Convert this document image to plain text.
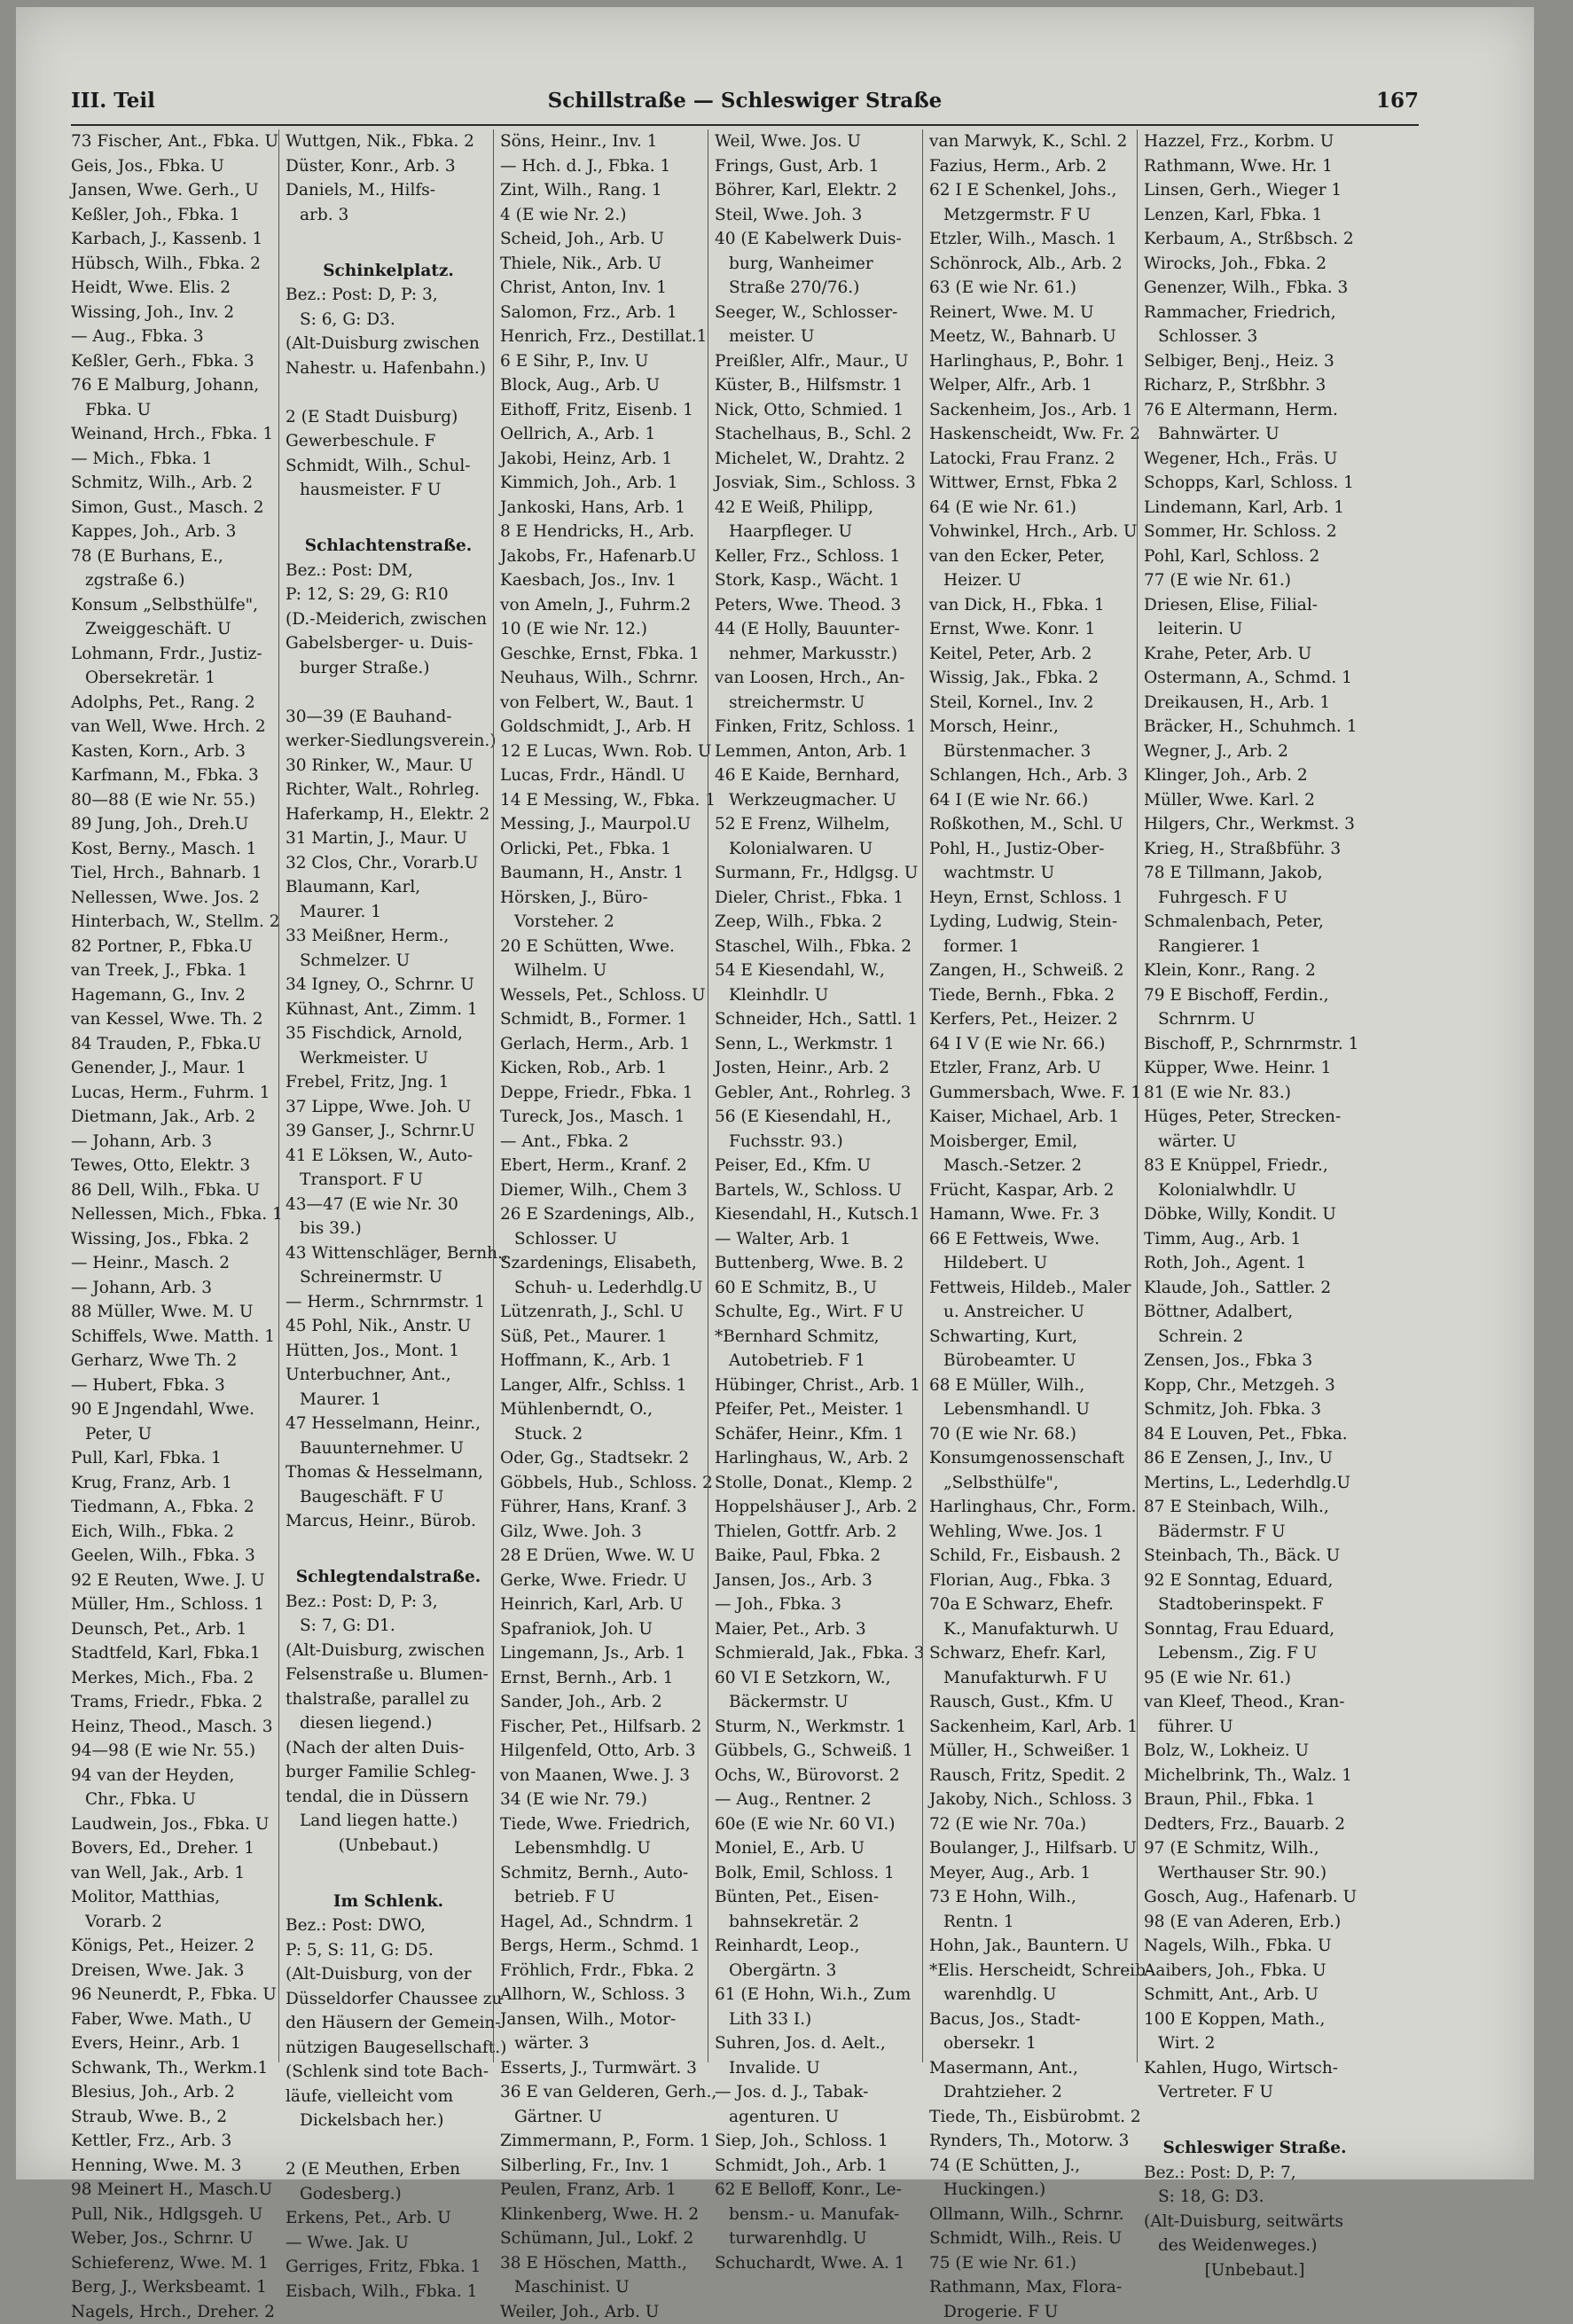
III. Teil	Schillstraße — Schleswiger Straße	167
73 Fischer, Ant., Fbka. U
Geis, Jos., Fbka. U
Jansen, Wwe. Gerh., U
Keßler, Joh., Fbka. 1
Karbach, J., Kassenb. 1
Hübsch, Wilh., Fbka. 2
Heidt, Wwe. Elis. 2
Wissing, Joh., Inv. 2
— Aug., Fbka. 3
Keßler, Gerh., Fbka. 3
76 E Malburg, Johann,
Fbka. U
Weinand, Hrch., Fbka. 1
— Mich., Fbka. 1
Schmitz, Wilh., Arb. 2
Simon, Gust., Masch. 2
Kappes, Joh., Arb. 3
78 (E Burhans, E.,
zgstraße 6.)
Konsum „Selbsthülfe",
Zweiggeschäft. U
Lohmann, Frdr., Justiz-
Obersekretär. 1
Adolphs, Pet., Rang. 2
van Well, Wwe. Hrch. 2
Kasten, Korn., Arb. 3
Karfmann, M., Fbka. 3
80—88 (E wie Nr. 55.)
89 Jung, Joh., Dreh.U
Kost, Berny., Masch. 1
Tiel, Hrch., Bahnarb. 1
Nellessen, Wwe. Jos. 2
Hinterbach, W., Stellm. 2
82 Portner, P., Fbka.U
van Treek, J., Fbka. 1
Hagemann, G., Inv. 2
van Kessel, Wwe. Th. 2
84 Trauden, P., Fbka.U
Genender, J., Maur. 1
Lucas, Herm., Fuhrm. 1
Dietmann, Jak., Arb. 2
— Johann, Arb. 3
Tewes, Otto, Elektr. 3
86 Dell, Wilh., Fbka. U
Nellessen, Mich., Fbka. 1
Wissing, Jos., Fbka. 2
— Heinr., Masch. 2
— Johann, Arb. 3
88 Müller, Wwe. M. U
Schiffels, Wwe. Matth. 1
Gerharz, Wwe Th. 2
— Hubert, Fbka. 3
90 E Jngendahl, Wwe.
Peter, U
Pull, Karl, Fbka. 1
Krug, Franz, Arb. 1
Tiedmann, A., Fbka. 2
Eich, Wilh., Fbka. 2
Geelen, Wilh., Fbka. 3
92 E Reuten, Wwe. J. U
Müller, Hm., Schloss. 1
Deunsch, Pet., Arb. 1
Stadtfeld, Karl, Fbka.1
Merkes, Mich., Fba. 2
Trams, Friedr., Fbka. 2
Heinz, Theod., Masch. 3
94—98 (E wie Nr. 55.)
94 van der Heyden,
Chr., Fbka. U
Laudwein, Jos., Fbka. U
Bovers, Ed., Dreher. 1
van Well, Jak., Arb. 1
Molitor, Matthias,
Vorarb. 2
Königs, Pet., Heizer. 2
Dreisen, Wwe. Jak. 3
96 Neunerdt, P., Fbka. U
Faber, Wwe. Math., U
Evers, Heinr., Arb. 1
Schwank, Th., Werkm.1
Blesius, Joh., Arb. 2
Straub, Wwe. B., 2
Kettler, Frz., Arb. 3
Henning, Wwe. M. 3
98 Meinert H., Masch.U
Pull, Nik., Hdlgsgeh. U
Weber, Jos., Schrnr. U
Schieferenz, Wwe. M. 1
Berg, J., Werksbeamt. 1
Nagels, Hrch., Dreher. 2
Wuttgen, Nik., Fbka. 2
Düster, Konr., Arb. 3
Daniels, M., Hilfs-
arb. 3

Schinkelplatz.
Bez.: Post: D, P: 3,
S: 6, G: D3.
(Alt-Duisburg zwischen
Nahestr. u. Hafenbahn.)

2 (E Stadt Duisburg)
Gewerbeschule. F
Schmidt, Wilh., Schul-
hausmeister. F U

Schlachtenstraße.
Bez.: Post: DM,
P: 12, S: 29, G: R10
(D.-Meiderich, zwischen
Gabelsberger- u. Duis-
burger Straße.)

30—39 (E Bauhand-
werker-Siedlungsverein.)
30 Rinker, W., Maur. U
Richter, Walt., Rohrleg.
Haferkamp, H., Elektr. 2
31 Martin, J., Maur. U
32 Clos, Chr., Vorarb.U
Blaumann, Karl,
Maurer. 1
33 Meißner, Herm.,
Schmelzer. U
34 Igney, O., Schrnr. U
Kühnast, Ant., Zimm. 1
35 Fischdick, Arnold,
Werkmeister. U
Frebel, Fritz, Jng. 1
37 Lippe, Wwe. Joh. U
39 Ganser, J., Schrnr.U
41 E Löksen, W., Auto-
Transport. F U
43—47 (E wie Nr. 30
bis 39.)
43 Wittenschläger, Bernh.,
Schreinermstr. U
— Herm., Schrnrmstr. 1
45 Pohl, Nik., Anstr. U
Hütten, Jos., Mont. 1
Unterbuchner, Ant.,
Maurer. 1
47 Hesselmann, Heinr.,
Bauunternehmer. U
Thomas & Hesselmann,
Baugeschäft. F U
Marcus, Heinr., Bürob.

Schlegtendalstraße.
Bez.: Post: D, P: 3,
S: 7, G: D1.
(Alt-Duisburg, zwischen
Felsenstraße u. Blumen-
thalstraße, parallel zu
diesen liegend.)
(Nach der alten Duis-
burger Familie Schleg-
tendal, die in Düssern
Land liegen hatte.)
(Unbebaut.)

Im Schlenk.
Bez.: Post: DWO,
P: 5, S: 11, G: D5.
(Alt-Duisburg, von der
Düsseldorfer Chaussee zu
den Häusern der Gemein-
nützigen Baugesellschaft.)
(Schlenk sind tote Bach-
läufe, vielleicht vom
Dickelsbach her.)

2 (E Meuthen, Erben
Godesberg.)
Erkens, Pet., Arb. U
— Wwe. Jak. U
Gerriges, Fritz, Fbka. 1
Eisbach, Wilh., Fbka. 1
Söns, Heinr., Inv. 1
— Hch. d. J., Fbka. 1
Zint, Wilh., Rang. 1
4 (E wie Nr. 2.)
Scheid, Joh., Arb. U
Thiele, Nik., Arb. U
Christ, Anton, Inv. 1
Salomon, Frz., Arb. 1
Henrich, Frz., Destillat.1
6 E Sihr, P., Inv. U
Block, Aug., Arb. U
Eithoff, Fritz, Eisenb. 1
Oellrich, A., Arb. 1
Jakobi, Heinz, Arb. 1
Kimmich, Joh., Arb. 1
Jankoski, Hans, Arb. 1
8 E Hendricks, H., Arb.
Jakobs, Fr., Hafenarb.U
Kaesbach, Jos., Inv. 1
von Ameln, J., Fuhrm.2
10 (E wie Nr. 12.)
Geschke, Ernst, Fbka. 1
Neuhaus, Wilh., Schrnr.
von Felbert, W., Baut. 1
Goldschmidt, J., Arb. H
12 E Lucas, Wwn. Rob. U
Lucas, Frdr., Händl. U
14 E Messing, W., Fbka. 1
Messing, J., Maurpol.U
Orlicki, Pet., Fbka. 1
Baumann, H., Anstr. 1
Hörsken, J., Büro-
Vorsteher. 2
20 E Schütten, Wwe.
Wilhelm. U
Wessels, Pet., Schloss. U
Schmidt, B., Former. 1
Gerlach, Herm., Arb. 1
Kicken, Rob., Arb. 1
Deppe, Friedr., Fbka. 1
Tureck, Jos., Masch. 1
— Ant., Fbka. 2
Ebert, Herm., Kranf. 2
Diemer, Wilh., Chem 3
26 E Szardenings, Alb.,
Schlosser. U
Szardenings, Elisabeth,
Schuh- u. Lederhdlg.U
Lützenrath, J., Schl. U
Süß, Pet., Maurer. 1
Hoffmann, K., Arb. 1
Langer, Alfr., Schlss. 1
Mühlenberndt, O.,
Stuck. 2
Oder, Gg., Stadtsekr. 2
Göbbels, Hub., Schloss. 2
Führer, Hans, Kranf. 3
Gilz, Wwe. Joh. 3
28 E Drüen, Wwe. W. U
Gerke, Wwe. Friedr. U
Heinrich, Karl, Arb. U
Spafraniok, Joh. U
Lingemann, Js., Arb. 1
Ernst, Bernh., Arb. 1
Sander, Joh., Arb. 2
Fischer, Pet., Hilfsarb. 2
Hilgenfeld, Otto, Arb. 3
von Maanen, Wwe. J. 3
34 (E wie Nr. 79.)
Tiede, Wwe. Friedrich,
Lebensmhdlg. U
Schmitz, Bernh., Auto-
betrieb. F U
Hagel, Ad., Schndrm. 1
Bergs, Herm., Schmd. 1
Fröhlich, Frdr., Fbka. 2
Allhorn, W., Schloss. 3
Jansen, Wilh., Motor-
wärter. 3
Esserts, J., Turmwärt. 3
36 E van Gelderen, Gerh.,
Gärtner. U
Zimmermann, P., Form. 1
Silberling, Fr., Inv. 1
Peulen, Franz, Arb. 1
Klinkenberg, Wwe. H. 2
Schümann, Jul., Lokf. 2
38 E Höschen, Matth.,
Maschinist. U
Weiler, Joh., Arb. U
Weil, Wwe. Jos. U
Frings, Gust, Arb. 1
Böhrer, Karl, Elektr. 2
Steil, Wwe. Joh. 3
40 (E Kabelwerk Duis-
burg, Wanheimer
Straße 270/76.)
Seeger, W., Schlosser-
meister. U
Preißler, Alfr., Maur., U
Küster, B., Hilfsmstr. 1
Nick, Otto, Schmied. 1
Stachelhaus, B., Schl. 2
Michelet, W., Drahtz. 2
Josviak, Sim., Schloss. 3
42 E Weiß, Philipp,
Haarpfleger. U
Keller, Frz., Schloss. 1
Stork, Kasp., Wächt. 1
Peters, Wwe. Theod. 3
44 (E Holly, Bauunter-
nehmer, Markusstr.)
van Loosen, Hrch., An-
streichermstr. U
Finken, Fritz, Schloss. 1
Lemmen, Anton, Arb. 1
46 E Kaide, Bernhard,
Werkzeugmacher. U
52 E Frenz, Wilhelm,
Kolonialwaren. U
Surmann, Fr., Hdlgsg. U
Dieler, Christ., Fbka. 1
Zeep, Wilh., Fbka. 2
Staschel, Wilh., Fbka. 2
54 E Kiesendahl, W.,
Kleinhdlr. U
Schneider, Hch., Sattl. 1
Senn, L., Werkmstr. 1
Josten, Heinr., Arb. 2
Gebler, Ant., Rohrleg. 3
56 (E Kiesendahl, H.,
Fuchsstr. 93.)
Peiser, Ed., Kfm. U
Bartels, W., Schloss. U
Kiesendahl, H., Kutsch.1
— Walter, Arb. 1
Buttenberg, Wwe. B. 2
60 E Schmitz, B., U
Schulte, Eg., Wirt. F U
*Bernhard Schmitz,
Autobetrieb. F 1
Hübinger, Christ., Arb. 1
Pfeifer, Pet., Meister. 1
Schäfer, Heinr., Kfm. 1
Harlinghaus, W., Arb. 2
Stolle, Donat., Klemp. 2
Hoppelshäuser J., Arb. 2
Thielen, Gottfr. Arb. 2
Baike, Paul, Fbka. 2
Jansen, Jos., Arb. 3
— Joh., Fbka. 3
Maier, Pet., Arb. 3
Schmierald, Jak., Fbka. 3
60 VI E Setzkorn, W.,
Bäckermstr. U
Sturm, N., Werkmstr. 1
Gübbels, G., Schweiß. 1
Ochs, W., Bürovorst. 2
— Aug., Rentner. 2
60e (E wie Nr. 60 VI.)
Moniel, E., Arb. U
Bolk, Emil, Schloss. 1
Bünten, Pet., Eisen-
bahnsekretär. 2
Reinhardt, Leop.,
Obergärtn. 3
61 (E Hohn, Wi.h., Zum
Lith 33 I.)
Suhren, Jos. d. Aelt.,
Invalide. U
— Jos. d. J., Tabak-
agenturen. U
Siep, Joh., Schloss. 1
Schmidt, Joh., Arb. 1
62 E Belloff, Konr., Le-
bensm.- u. Manufak-
turwarenhdlg. U
Schuchardt, Wwe. A. 1
van Marwyk, K., Schl. 2
Fazius, Herm., Arb. 2
62 I E Schenkel, Johs.,
Metzgermstr. F U
Etzler, Wilh., Masch. 1
Schönrock, Alb., Arb. 2
63 (E wie Nr. 61.)
Reinert, Wwe. M. U
Meetz, W., Bahnarb. U
Harlinghaus, P., Bohr. 1
Welper, Alfr., Arb. 1
Sackenheim, Jos., Arb. 1
Haskenscheidt, Ww. Fr. 2
Latocki, Frau Franz. 2
Wittwer, Ernst, Fbka 2
64 (E wie Nr. 61.)
Vohwinkel, Hrch., Arb. U
van den Ecker, Peter,
Heizer. U
van Dick, H., Fbka. 1
Ernst, Wwe. Konr. 1
Keitel, Peter, Arb. 2
Wissig, Jak., Fbka. 2
Steil, Kornel., Inv. 2
Morsch, Heinr.,
Bürstenmacher. 3
Schlangen, Hch., Arb. 3
64 I (E wie Nr. 66.)
Roßkothen, M., Schl. U
Pohl, H., Justiz-Ober-
wachtmstr. U
Heyn, Ernst, Schloss. 1
Lyding, Ludwig, Stein-
former. 1
Zangen, H., Schweiß. 2
Tiede, Bernh., Fbka. 2
Kerfers, Pet., Heizer. 2
64 I V (E wie Nr. 66.)
Etzler, Franz, Arb. U
Gummersbach, Wwe. F. 1
Kaiser, Michael, Arb. 1
Moisberger, Emil,
Masch.-Setzer. 2
Frücht, Kaspar, Arb. 2
Hamann, Wwe. Fr. 3
66 E Fettweis, Wwe.
Hildebert. U
Fettweis, Hildeb., Maler
u. Anstreicher. U
Schwarting, Kurt,
Bürobeamter. U
68 E Müller, Wilh.,
Lebensmhandl. U
70 (E wie Nr. 68.)
Konsumgenossenschaft
„Selbsthülfe",
Harlinghaus, Chr., Form.
Wehling, Wwe. Jos. 1
Schild, Fr., Eisbaush. 2
Florian, Aug., Fbka. 3
70a E Schwarz, Ehefr.
K., Manufakturwh. U
Schwarz, Ehefr. Karl,
Manufakturwh. F U
Rausch, Gust., Kfm. U
Sackenheim, Karl, Arb. 1
Müller, H., Schweißer. 1
Rausch, Fritz, Spedit. 2
Jakoby, Nich., Schloss. 3
72 (E wie Nr. 70a.)
Boulanger, J., Hilfsarb. U
Meyer, Aug., Arb. 1
73 E Hohn, Wilh.,
Rentn. 1
Hohn, Jak., Bauntern. U
*Elis. Herscheidt, Schreib-
warenhdlg. U
Bacus, Jos., Stadt-
obersekr. 1
Masermann, Ant.,
Drahtzieher. 2
Tiede, Th., Eisbürobmt. 2
Rynders, Th., Motorw. 3
74 (E Schütten, J.,
Huckingen.)
Ollmann, Wilh., Schrnr.
Schmidt, Wilh., Reis. U
75 (E wie Nr. 61.)
Rathmann, Max, Flora-
Drogerie. F U
Hazzel, Frz., Korbm. U
Rathmann, Wwe. Hr. 1
Linsen, Gerh., Wieger 1
Lenzen, Karl, Fbka. 1
Kerbaum, A., Strßbsch. 2
Wirocks, Joh., Fbka. 2
Genenzer, Wilh., Fbka. 3
Rammacher, Friedrich,
Schlosser. 3
Selbiger, Benj., Heiz. 3
Richarz, P., Strßbhr. 3
76 E Altermann, Herm.
Bahnwärter. U
Wegener, Hch., Fräs. U
Schopps, Karl, Schloss. 1
Lindemann, Karl, Arb. 1
Sommer, Hr. Schloss. 2
Pohl, Karl, Schloss. 2
77 (E wie Nr. 61.)
Driesen, Elise, Filial-
leiterin. U
Krahe, Peter, Arb. U
Ostermann, A., Schmd. 1
Dreikausen, H., Arb. 1
Bräcker, H., Schuhmch. 1
Wegner, J., Arb. 2
Klinger, Joh., Arb. 2
Müller, Wwe. Karl. 2
Hilgers, Chr., Werkmst. 3
Krieg, H., Straßbführ. 3
78 E Tillmann, Jakob,
Fuhrgesch. F U
Schmalenbach, Peter,
Rangierer. 1
Klein, Konr., Rang. 2
79 E Bischoff, Ferdin.,
Schrnrm. U
Bischoff, P., Schrnrmstr. 1
Küpper, Wwe. Heinr. 1
81 (E wie Nr. 83.)
Hüges, Peter, Strecken-
wärter. U
83 E Knüppel, Friedr.,
Kolonialwhdlr. U
Döbke, Willy, Kondit. U
Timm, Aug., Arb. 1
Roth, Joh., Agent. 1
Klaude, Joh., Sattler. 2
Böttner, Adalbert,
Schrein. 2
Zensen, Jos., Fbka 3
Kopp, Chr., Metzgeh. 3
Schmitz, Joh. Fbka. 3
84 E Louven, Pet., Fbka.
86 E Zensen, J., Inv., U
Mertins, L., Lederhdlg.U
87 E Steinbach, Wilh.,
Bädermstr. F U
Steinbach, Th., Bäck. U
92 E Sonntag, Eduard,
Stadtoberinspekt. F
Sonntag, Frau Eduard,
Lebensm., Zig. F U
95 (E wie Nr. 61.)
van Kleef, Theod., Kran-
führer. U
Bolz, W., Lokheiz. U
Michelbrink, Th., Walz. 1
Braun, Phil., Fbka. 1
Dedters, Frz., Bauarb. 2
97 (E Schmitz, Wilh.,
Werthauser Str. 90.)
Gosch, Aug., Hafenarb. U
98 (E van Aderen, Erb.)
Nagels, Wilh., Fbka. U
Aaibers, Joh., Fbka. U
Schmitt, Ant., Arb. U
100 E Koppen, Math.,
Wirt. 2
Kahlen, Hugo, Wirtsch-
Vertreter. F U

Schleswiger Straße.
Bez.: Post: D, P: 7,
S: 18, G: D3.
(Alt-Duisburg, seitwärts
des Weidenweges.)
[Unbebaut.]
